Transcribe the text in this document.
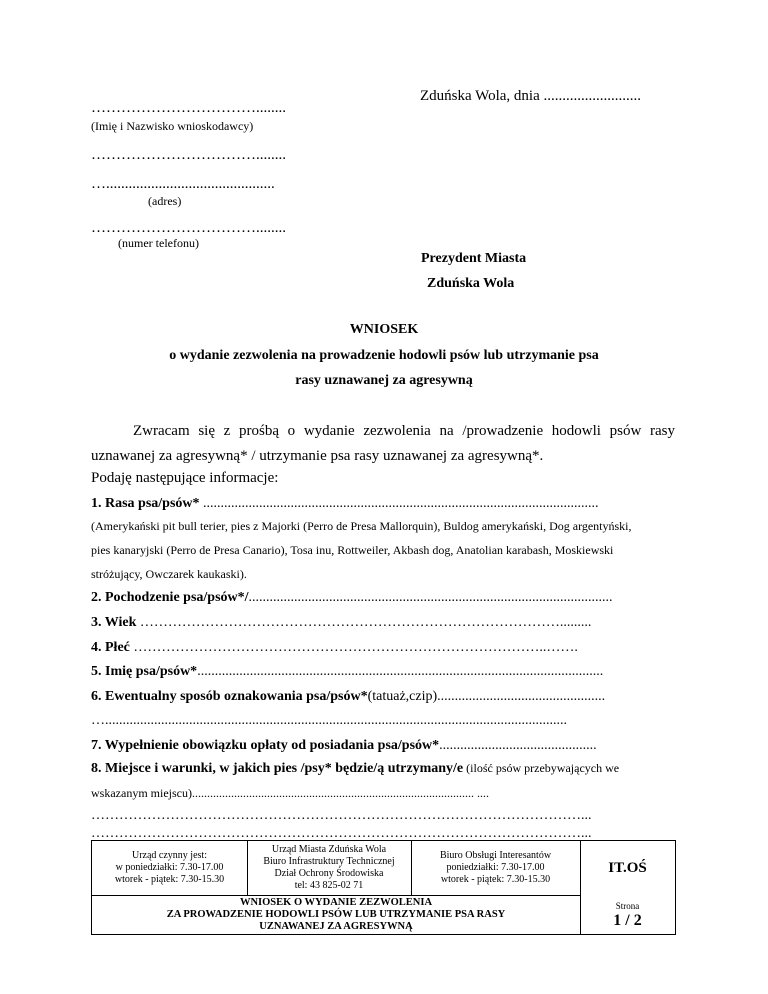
Zduńska Wola, dnia ..........................
……………………………........
(Imię i Nazwisko wnioskodawcy)
……………………………........
….............................................
(adres)
……………………………........
(numer telefonu)
Prezydent Miasta
Zduńska Wola
WNIOSEK
o wydanie zezwolenia na prowadzenie hodowli psów lub utrzymanie psa
rasy uznawanej za agresywną
Zwracam się z prośbą o wydanie zezwolenia na /prowadzenie hodowli psów rasy
uznawanej za agresywną* / utrzymanie psa rasy uznawanej za agresywną*.
Podaję następujące informacje:
1. Rasa psa/psów* .................................................................................................................
(Amerykański pit bull terier, pies z Majorki (Perro de Presa Mallorquin), Buldog amerykański, Dog argentyński,
pies kanaryjski (Perro de Presa Canario), Tosa inu, Rottweiler, Akbash dog, Anatolian karabash, Moskiewski
stróżujący, Owczarek kaukaski).
2. Pochodzenie psa/psów*/........................................................................................................
3. Wiek ……………………………………………………………………………….........
4. Płeć ……………………………………………………………………………..…….
5. Imię psa/psów*....................................................................................................................
6. Ewentualny sposób oznakowania psa/psów*(tatuaż,czip)................................................
…....................................................................................................................................
7. Wypełnienie obowiązku opłaty od posiadania psa/psów*.............................................
8. Miejsce i warunki, w jakich pies /psy* będzie/ą utrzymany/e (ilość psów przebywających we
wskazanym miejscu).............................................................................................. ....
……………………………………………………………………………………………...
……………………………………………………………………………………………...
Urząd czynny jest:
w poniedziałki: 7.30-17.00
wtorek - piątek: 7.30-15.30
Urząd Miasta Zduńska Wola
Biuro Infrastruktury Technicznej
Dział Ochrony Środowiska
tel: 43 825-02 71
Biuro Obsługi Interesantów
poniedziałki: 7.30-17.00
wtorek - piątek: 7.30-15.30
IT.OŚ
WNIOSEK O WYDANIE ZEZWOLENIA
ZA PROWADZENIE HODOWLI PSÓW LUB UTRZYMANIE PSA RASY
UZNAWANEJ ZA AGRESYWNĄ
Strona
1 / 2
